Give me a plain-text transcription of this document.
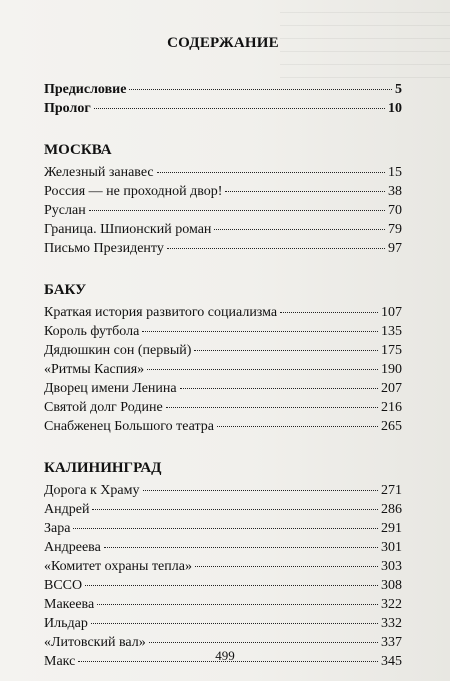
СОДЕРЖАНИЕ
Предисловие	5
Пролог	10
МОСКВА
Железный занавес	15
Россия — не проходной двор!	38
Руслан	70
Граница. Шпионский роман	79
Письмо Президенту	97
БАКУ
Краткая история развитого социализма	107
Король футбола	135
Дядюшкин сон (первый)	175
«Ритмы Каспия»	190
Дворец имени Ленина	207
Святой долг Родине	216
Снабженец Большого театра	265
КАЛИНИНГРАД
Дорога к Храму	271
Андрей	286
Зара	291
Андреева	301
«Комитет охраны тепла»	303
ВССО	308
Макеева	322
Ильдар	332
«Литовский вал»	337
Макс	345
499
